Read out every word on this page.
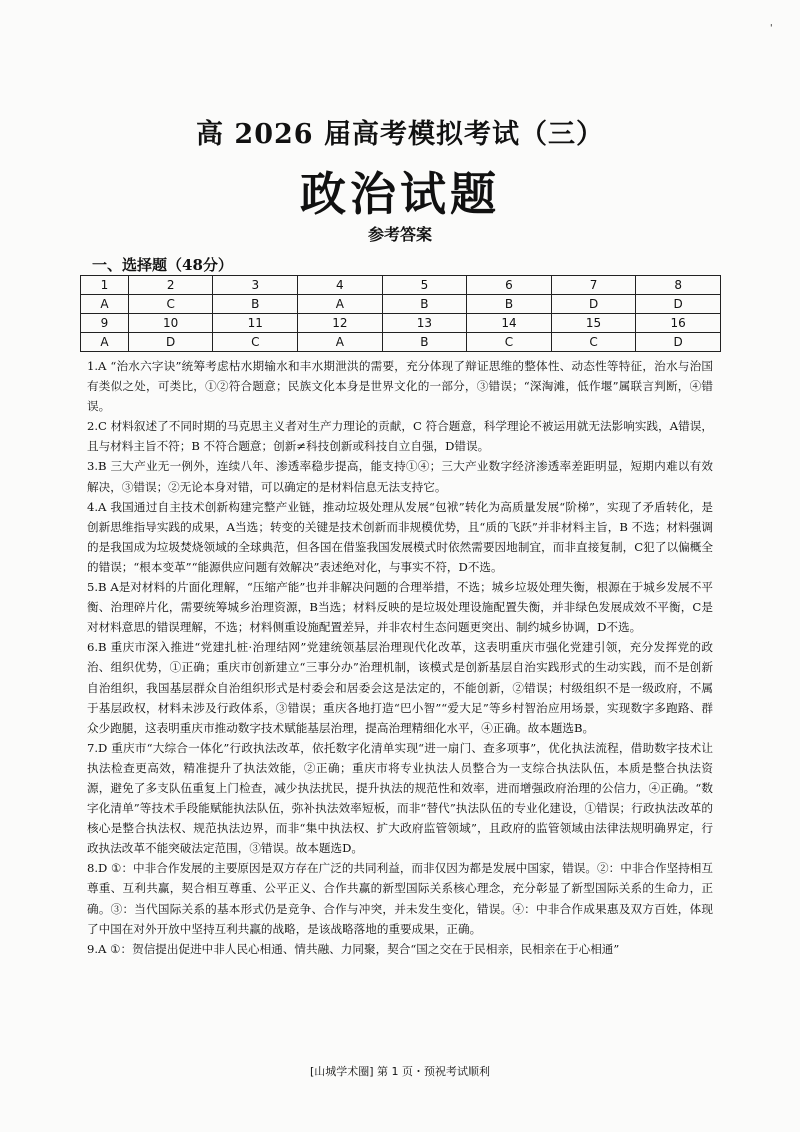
'
高 2026 届高考模拟考试（三）
政治试题
参考答案
一、选择题（48分）
1	2	3	4	5	6	7	8
A	C	B	A	B	B	D	D
9	10	11	12	13	14	15	16
A	D	C	A	B	C	C	D

1.A “治水六字诀”统筹考虑枯水期输水和丰水期泄洪的需要，充分体现了辩证思维的整体性、动态性等特征，治水与治国有类似之处，可类比，①②符合题意；民族文化本身是世界文化的一部分，③错误；“深淘滩，低作堰”属联言判断，④错误。

2.C 材料叙述了不同时期的马克思主义者对生产力理论的贡献，C 符合题意，科学理论不被运用就无法影响实践，A错误，且与材料主旨不符；B 不符合题意；创新≠科技创新或科技自立自强，D错误。

3.B 三大产业无一例外，连续八年、渗透率稳步提高，能支持①④；三大产业数字经济渗透率差距明显，短期内难以有效解决，③错误；②无论本身对错，可以确定的是材料信息无法支持它。

4.A 我国通过自主技术创新构建完整产业链，推动垃圾处理从发展“包袱”转化为高质量发展“阶梯”，实现了矛盾转化，是创新思维指导实践的成果，A当选；转变的关键是技术创新而非规模优势，且“质的飞跃”并非材料主旨，B 不选；材料强调的是我国成为垃圾焚烧领域的全球典范，但各国在借鉴我国发展模式时依然需要因地制宜，而非直接复制，C犯了以偏概全的错误；“根本变革”“能源供应问题有效解决”表述绝对化，与事实不符，D不选。

5.B A是对材料的片面化理解，“压缩产能”也并非解决问题的合理举措，不选；城乡垃圾处理失衡，根源在于城乡发展不平衡、治理碎片化，需要统筹城乡治理资源，B当选；材料反映的是垃圾处理设施配置失衡，并非绿色发展成效不平衡，C是对材料意思的错误理解，不选；材料侧重设施配置差异，并非农村生态问题更突出、制约城乡协调，D不选。

6.B 重庆市深入推进“党建扎桩·治理结网”党建统领基层治理现代化改革，这表明重庆市强化党建引领，充分发挥党的政治、组织优势，①正确；重庆市创新建立“三事分办”治理机制，该模式是创新基层自治实践形式的生动实践，而不是创新自治组织，我国基层群众自治组织形式是村委会和居委会这是法定的，不能创新，②错误；村级组织不是一级政府，不属于基层政权，材料未涉及行政体系，③错误；重庆各地打造“巴小智”“爱大足”等乡村智治应用场景，实现数字多跑路、群众少跑腿，这表明重庆市推动数字技术赋能基层治理，提高治理精细化水平，④正确。故本题选B。

7.D 重庆市“大综合一体化”行政执法改革，依托数字化清单实现“进一扇门、查多项事”，优化执法流程，借助数字技术让执法检查更高效，精准提升了执法效能，②正确；重庆市将专业执法人员整合为一支综合执法队伍，本质是整合执法资源，避免了多支队伍重复上门检查，减少执法扰民，提升执法的规范性和效率，进而增强政府治理的公信力，④正确。“数字化清单”等技术手段能赋能执法队伍，弥补执法效率短板，而非“替代”执法队伍的专业化建设，①错误；行政执法改革的核心是整合执法权、规范执法边界，而非“集中执法权、扩大政府监管领域”，且政府的监管领域由法律法规明确界定，行政执法改革不能突破法定范围，③错误。故本题选D。

8.D ①：中非合作发展的主要原因是双方存在广泛的共同利益，而非仅因为都是发展中国家，错误。②：中非合作坚持相互尊重、互利共赢，契合相互尊重、公平正义、合作共赢的新型国际关系核心理念，充分彰显了新型国际关系的生命力，正确。③：当代国际关系的基本形式仍是竞争、合作与冲突，并未发生变化，错误。④：中非合作成果惠及双方百姓，体现了中国在对外开放中坚持互利共赢的战略，是该战略落地的重要成果，正确。

9.A ①：贺信提出促进中非人民心相通、情共融、力同聚，契合“国之交在于民相亲，民相亲在于心相通”

[山城学术圈] 第 1 页・预祝考试顺利
